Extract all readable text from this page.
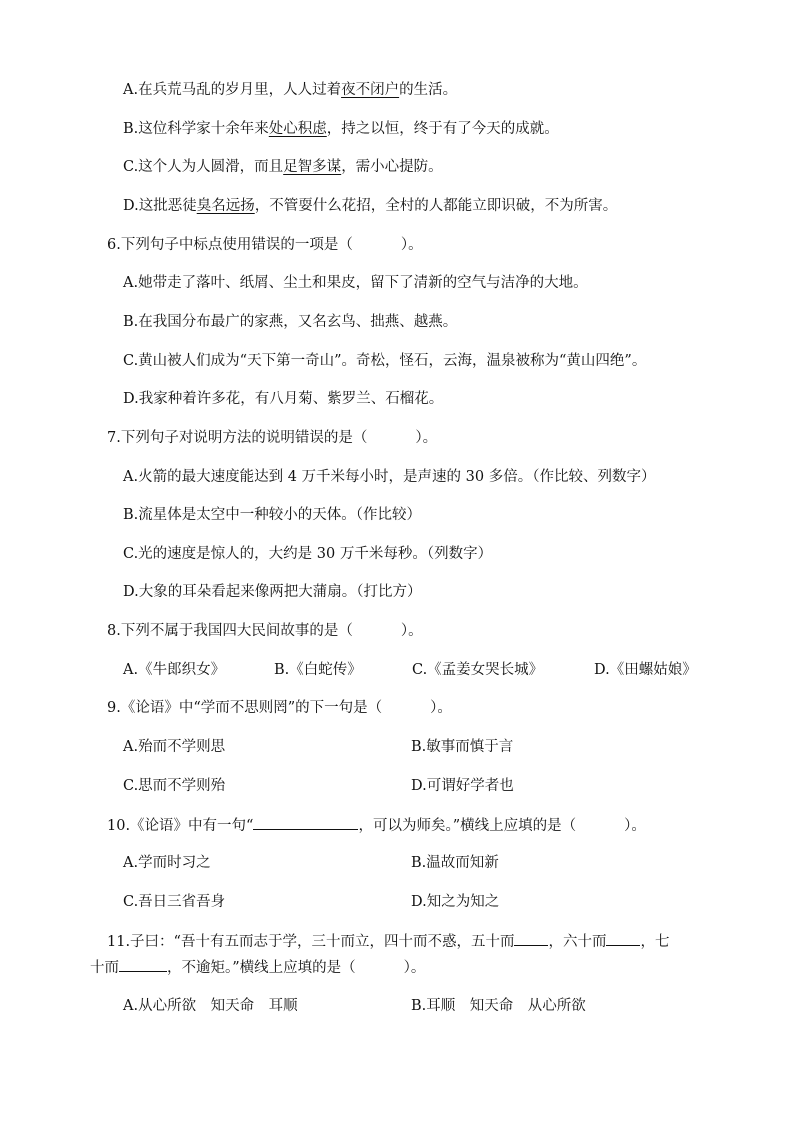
A.在兵荒马乱的岁月里，人人过着夜不闭户的生活。
B.这位科学家十余年来处心积虑，持之以恒，终于有了今天的成就。
C.这个人为人圆滑，而且足智多谋，需小心提防。
D.这批恶徒臭名远扬，不管耍什么花招，全村的人都能立即识破，不为所害。
6.下列句子中标点使用错误的一项是（	）。
A.她带走了落叶、纸屑、尘土和果皮，留下了清新的空气与洁净的大地。
B.在我国分布最广的家燕，又名玄鸟、拙燕、越燕。
C.黄山被人们成为“天下第一奇山”。奇松，怪石，云海，温泉被称为“黄山四绝”。
D.我家种着许多花，有八月菊、紫罗兰、石榴花。
7.下列句子对说明方法的说明错误的是（	）。
A.火箭的最大速度能达到 4 万千米每小时，是声速的 30 多倍。（作比较、列数字）
B.流星体是太空中一种较小的天体。（作比较）
C.光的速度是惊人的，大约是 30 万千米每秒。（列数字）
D.大象的耳朵看起来像两把大蒲扇。（打比方）
8.下列不属于我国四大民间故事的是（	）。
A.《牛郎织女》	B.《白蛇传》	C.《孟姜女哭长城》	D.《田螺姑娘》
9.《论语》中“学而不思则罔”的下一句是（	）。
A.殆而不学则思	B.敏事而慎于言
C.思而不学则殆	D.可谓好学者也
10.《论语》中有一句“	，可以为师矣。”横线上应填的是（	）。
A.学而时习之	B.温故而知新
C.吾日三省吾身	D.知之为知之
11.子曰：“吾十有五而志于学，三十而立，四十而不惑，五十而 ，六十而 ，七
十而	，不逾矩。”横线上应填的是（	）。
A.从心所欲　知天命　耳顺	B.耳顺　知天命　从心所欲
